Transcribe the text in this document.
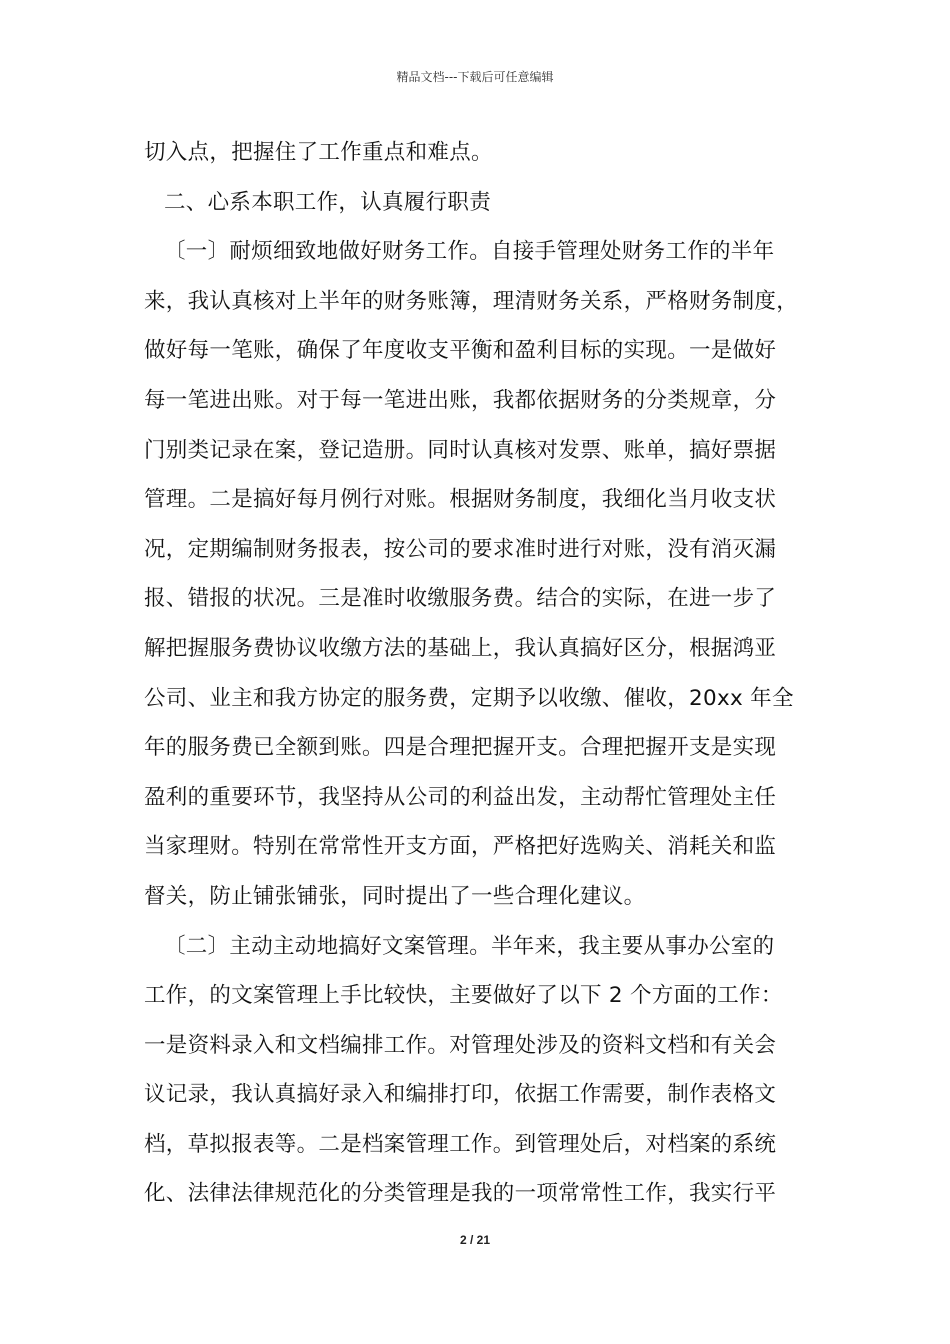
精品文档---下载后可任意编辑
切入点，把握住了工作重点和难点。
二、心系本职工作，认真履行职责
〔一〕耐烦细致地做好财务工作。自接手管理处财务工作的半年
来，我认真核对上半年的财务账簿，理清财务关系，严格财务制度，
做好每一笔账，确保了年度收支平衡和盈利目标的实现。一是做好
每一笔进出账。对于每一笔进出账，我都依据财务的分类规章，分
门别类记录在案，登记造册。同时认真核对发票、账单，搞好票据
管理。二是搞好每月例行对账。根据财务制度，我细化当月收支状
况，定期编制财务报表，按公司的要求准时进行对账，没有消灭漏
报、错报的状况。三是准时收缴服务费。结合的实际，在进一步了
解把握服务费协议收缴方法的基础上，我认真搞好区分，根据鸿亚
公司、业主和我方协定的服务费，定期予以收缴、催收，20xx 年全
年的服务费已全额到账。四是合理把握开支。合理把握开支是实现
盈利的重要环节，我坚持从公司的利益出发，主动帮忙管理处主任
当家理财。特别在常常性开支方面，严格把好选购关、消耗关和监
督关，防止铺张铺张，同时提出了一些合理化建议。
〔二〕主动主动地搞好文案管理。半年来，我主要从事办公室的
工作，的文案管理上手比较快，主要做好了以下 2 个方面的工作：
一是资料录入和文档编排工作。对管理处涉及的资料文档和有关会
议记录，我认真搞好录入和编排打印，依据工作需要，制作表格文
档，草拟报表等。二是档案管理工作。到管理处后，对档案的系统
化、法律法律规范化的分类管理是我的一项常常性工作，我实行平
2 / 21
